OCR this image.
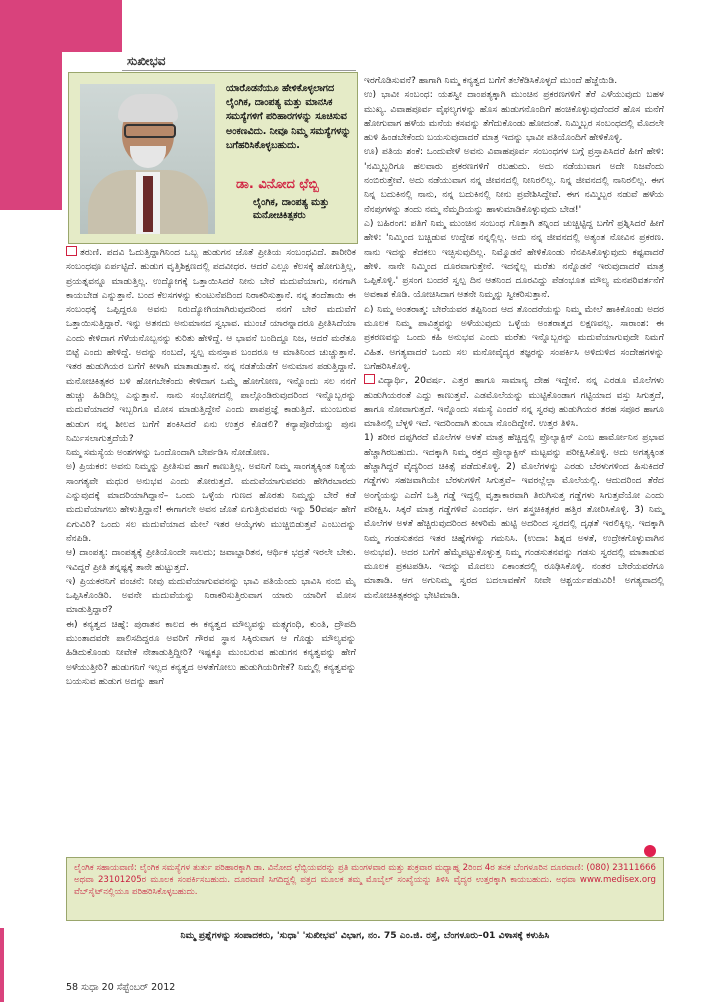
ಸುಖೀಭವ
ಯಾರೊಡನೆಯೂ ಹೇಳಿಕೊಳ್ಳಲಾಗದ ಲೈಂಗಿಕ, ದಾಂಪತ್ಯ ಮತ್ತು ಮಾನಸಿಕ ಸಮಸ್ಯೆಗಳಿಗೆ ಪರಿಹಾರಗಳನ್ನು ಸೂಚಿಸುವ ಅಂಕಣವಿದು. ನೀವೂ ನಿಮ್ಮ ಸಮಸ್ಯೆಗಳನ್ನು ಬಗೆಹರಿಸಿಕೊಳ್ಳಬಹುದು.
ಡಾ. ವಿನೋದ ಛೆಬ್ಬಿ
ಲೈಂಗಿಕ, ದಾಂಪತ್ಯ ಮತ್ತು ಮನೋಚಿಕಿತ್ಸಕರು

ತರುಣಿ. ಪದವಿ ಓದುತ್ತಿದ್ದಾಗಿನಿಂದ ಒಬ್ಬ ಹುಡುಗನ ಜೊತೆ ಪ್ರೀತಿಯ ಸಂಬಂಧವಿದೆ. ಶಾರೀರಿಕ ಸಂಬಂಧವೂ ಏರ್ಪಟ್ಟಿದೆ. ಹುಡುಗ ವೃತ್ತಿಶಿಕ್ಷಣದಲ್ಲಿ ಪದವೀಧರ. ಆದರೆ ಎಲ್ಲೂ ಕೆಲಸಕ್ಕೆ ಹೋಗುತ್ತಿಲ್ಲ, ಪ್ರಯತ್ನವನ್ನೂ ಮಾಡುತ್ತಿಲ್ಲ. ಉದ್ಯೋಗಕ್ಕೆ ಒತ್ತಾಯಿಸಿದರೆ ನೀನು ಬೇರೆ ಮದುವೆಯಾಗು, ನನಗಾಗಿ ಕಾಯಬೇಡ ಎನ್ನುತ್ತಾನೆ. ಬಂದ ಕೆಲಸಗಳನ್ನು ಕುಂಟುನೆಪದಿಂದ ನಿರಾಕರಿಸುತ್ತಾನೆ. ನನ್ನ ತಂದೆತಾಯಿ ಈ ಸಂಬಂಧಕ್ಕೆ ಒಪ್ಪಿದ್ದರೂ ಅವನು ನಿರುದ್ಯೋಗಿಯಾಗಿರುವುದರಿಂದ ನನಗೆ ಬೇರೆ ಮದುವೆಗೆ ಒತ್ತಾಯಿಸುತ್ತಿದ್ದಾರೆ. ಇನ್ನು ಅತನದು ಅನುಮಾನದ ಸ್ವಭಾವ. ಮುಂಚೆ ಯಾರನ್ನಾದರೂ ಪ್ರೀತಿಸಿದೆಯಾ ಎಂದು ಕೇಳಿದಾಗ ಗೆಳೆಯನೊಬ್ಬನನ್ನು ಕುರಿತು ಹೇಳಿದ್ದೆ. ಆ ಭಾವನೆ ಬಂದಿದ್ದೂ ನಿಜ, ಆದರೆ ಮರೆತೂ ಬಿಟ್ಟೆ ಎಂದು ಹೇಳಿದ್ದೆ. ಅದನ್ನು ನಂಬದೆ, ಸ್ವಲ್ಪ ಮನಸ್ತಾಪ ಬಂದರೂ ಆ ಮಾತಿನಿಂದ ಚುಚ್ಚುತ್ತಾನೆ. ಇತರ ಹುಡುಗಿಯರ ಬಗೆಗೆ ಕೀಳಾಗಿ ಮಾತಾಡುತ್ತಾನೆ. ನನ್ನ ನಡತೆಯೆಡೆಗೆ ಅನುಮಾನ ಪಡುತ್ತಿದ್ದಾನೆ. ಮನೋಚಿಕಿತ್ಸಕರ ಬಳಿ ಹೋಗಬೇಕೆಂದು ಕೇಳಿದಾಗ ಒಮ್ಮೆ ಹೋಗೋಣ, ಇನ್ನೊಂದು ಸಲ ನನಗೆ ಹುಚ್ಚು ಹಿಡಿದಿಲ್ಲ ಎನ್ನುತ್ತಾನೆ. ನಾನು ಸಂಭೋಗದಲ್ಲಿ ಪಾಲ್ಗೊಂಡಿರುವುದರಿಂದ ಇನ್ನೊಬ್ಬರನ್ನು ಮದುವೆಯಾದರೆ ಇಬ್ಬರಿಗೂ ಮೋಸ ಮಾಡುತ್ತಿದ್ದೇನೆ ಎಂದು ಪಾಪಪ್ರಜ್ಞೆ ಕಾಡುತ್ತಿದೆ. ಮುಂಬರುವ ಹುಡುಗ ನನ್ನ ಶೀಲದ ಬಗೆಗೆ ಶಂಕಿಸಿದರೆ ಏನು ಉತ್ತರ ಕೊಡಲಿ? ಕನ್ಯಾಪೊರೆಯನ್ನು ಪುನಃ ನಿರ್ಮಿಸಲಾಗುತ್ತದೆಯೆ?

ನಿಮ್ಮ ಸಮಸ್ಯೆಯ ಅಂಶಗಳನ್ನು ಒಂದೊಂದಾಗಿ ಬೇರ್ಪಡಿಸಿ ನೋಡೋಣ.

ಅ) ಪ್ರಿಯಕರ: ಅವನು ನಿಮ್ಮನ್ನು ಪ್ರೀತಿಸುವ ಹಾಗೆ ಕಾಣುತ್ತಿಲ್ಲ. ಅವನಿಗೆ ನಿಮ್ಮ ಸಾಂಗತ್ಯಕ್ಕಿಂತ ನಿತ್ಯೆಯ ಸಾಂಗತ್ಯವೇ ಮಧುರ ಅನುಭವ ಎಂದು ತೋರುತ್ತದೆ. ಮದುವೆಯಾಗುವವರು ಹೇಗಿರಬಾರದು ಎನ್ನುವುದಕ್ಕೆ ಮಾದರಿಯಾಗಿದ್ದಾನೆ– ಒಂದು ಒಳ್ಳೆಯ ಗುಣದ ಹೊರತು ನಿಮ್ಮನ್ನು ಬೇರೆ ಕಡೆ ಮದುವೆಯಾಗಲು ಹೇಳುತ್ತಿದ್ದಾನೆ! ಈಗಾಗಲೇ ಅವನ ಜೊತೆ ಏಗುತ್ತಿರುವವರು ಇನ್ನು 50ವರ್ಷ ಹೇಗೆ ಏಗುವಿರಿ? ಒಂದು ಸಲ ಮದುವೆಯಾದ ಮೇಲೆ ಇತರ ಆಯ್ಕೆಗಳು ಮುಚ್ಚಿಬಿಡುತ್ತವೆ ಎಂಬುದನ್ನು ನೆನಪಿಡಿ.

ಆ) ದಾಂಪತ್ಯ: ದಾಂಪತ್ಯಕ್ಕೆ ಪ್ರೀತಿಯೊಂದೇ ಸಾಲದು; ಜವಾಬ್ದಾರಿತನ, ಆರ್ಥಿಕ ಭದ್ರತೆ ಇರಲೇ ಬೇಕು. ಇವಿದ್ದರೆ ಪ್ರೀತಿ ತನ್ನಷ್ಟಕ್ಕೆ ತಾನೇ ಹುಟ್ಟುತ್ತದೆ.

ಇ) ಪ್ರಿಯಕರನಿಗೆ ವಂಚನೆ: ನೀವು ಮದುವೆಯಾಗುವವನನ್ನು ಭಾವಿ ಪತಿಯೆಂದು ಭಾವಿಸಿ ನಂಬಿ ಮೈ ಒಪ್ಪಿಸಿಕೊಂಡಿರಿ. ಅವನೇ ಮದುವೆಯನ್ನು ನಿರಾಕರಿಸುತ್ತಿರುವಾಗ ಯಾರು ಯಾರಿಗೆ ಮೋಸ ಮಾಡುತ್ತಿದ್ದಾರೆ?

ಈ) ಕನ್ಯತ್ವದ ಚಿಹ್ನೆ: ಪುರಾತನ ಕಾಲದ ಈ ಕನ್ಯತ್ವದ ಮೌಲ್ಯವನ್ನು ಮತ್ಸ್ಯಗಂಧಿ, ಕುಂತಿ, ದ್ರೌಪದಿ ಮುಂತಾದವರೇ ಪಾಲಿಸದಿದ್ದರೂ ಅವರಿಗೆ ಗೌರವ ಸ್ಥಾನ ಸಿಕ್ಕಿರುವಾಗ ಆ ಗೊಡ್ಡು ಮೌಲ್ಯವನ್ನು ಹಿಡಿದುಕೊಂಡು ನೀವೇಕೆ ನೇತಾಡುತ್ತಿದ್ದೀರಿ? ಇಷ್ಟಕ್ಕೂ ಮುಂಬರುವ ಹುಡುಗನ ಕನ್ಯತ್ವವನ್ನು ಹೇಗೆ ಅಳೆಯುತ್ತೀರಿ? ಹುಡುಗನಿಗೆ ಇಲ್ಲದ ಕನ್ಯತ್ವದ ಅಳತೆಗೋಲು ಹುಡುಗಿಯರಿಗೇಕೆ? ನಿಮ್ಮಲ್ಲಿ ಕನ್ಯತ್ವವನ್ನು ಬಯಸುವ ಹುಡುಗ ಅದನ್ನು ಹಾಗೆ

ಇರಗೊಡಿಸುವನೆ? ಹಾಗಾಗಿ ನಿಮ್ಮ ಕನ್ಯತ್ವದ ಬಗೆಗೆ ತಲೆಕೆಡಿಸಿಕೊಳ್ಳದೆ ಮುಂದೆ ಹೆಜ್ಜೆಯಿಡಿ.

ಉ) ಭಾವೀ ಸಂಬಂಧ: ಯಶಸ್ವೀ ದಾಂಪತ್ಯಕ್ಕಾಗಿ ಮುಂಚಿನ ಪ್ರಕರಣಗಳಿಗೆ ತೆರೆ ಎಳೆಯುವುದು ಬಹಳ ಮುಖ್ಯ. ವಿವಾಹಪೂರ್ವ ವೈಫಲ್ಯಗಳನ್ನು ಹೊಸ ಹುಡುಗನೊಂದಿಗೆ ಹಂಚಿಕೊಳ್ಳುವುದೆಂದರೆ ಹೊಸ ಮನೆಗೆ ಹೋಗುವಾಗ ಹಳೆಯ ಮನೆಯ ಕಸವನ್ನು ತೆಗೆದುಕೊಂಡು ಹೋದಂತೆ. ನಿಮ್ಮಿಬ್ಬರ ಸಂಬಂಧದಲ್ಲಿ ಮೊದಲೇ ಹುಳಿ ಹಿಂಡಬೇಕೆಂದು ಬಯಸುವುದಾದರೆ ಮಾತ್ರ ಇದನ್ನು ಭಾವೀ ಪತಿಯೊಂದಿಗೆ ಹೇಳಿಕೊಳ್ಳಿ.

ಊ) ಪತಿಯ ಶಂಕೆ: ಒಂದುವೇಳೆ ಅವನು ವಿವಾಹಪೂರ್ವ ಸಂಬಂಧಗಳ ಬಗ್ಗೆ ಪ್ರಸ್ತಾಪಿಸಿದರೆ ಹೀಗೆ ಹೇಳಿ: 'ನಮ್ಮಿಬ್ಬರಿಗೂ ಹಲವಾರು ಪ್ರಕರಣಗಳಿಗೆ ರಬಹುದು. ಅದು ನಡೆಯುವಾಗ ಅದೇ ನಿಜವೆಂದು ನಂಬಿರುತ್ತೇವೆ. ಅದು ನಡೆಯುವಾಗ ನನ್ನ ಜೀವನದಲ್ಲಿ ನೀನಿರಲಿಲ್ಲ. ನಿನ್ನ ಜೀವನದಲ್ಲಿ ನಾನಿರಲಿಲ್ಲ. ಈಗ ನಿನ್ನ ಬದುಕಿನಲ್ಲಿ ನಾನು, ನನ್ನ ಬದುಕಿನಲ್ಲಿ ನೀನು ಪ್ರವೇಶಿಸಿದ್ದೇವೆ. ಈಗ ನಮ್ಮಿಬ್ಬರ ನಡುವೆ ಹಳೆಯ ನೆನಪುಗಳನ್ನು ತಂದು ನಮ್ಮ ನೆಮ್ಮದಿಯನ್ನು ಹಾಳುಮಾಡಿಕೊಳ್ಳುವುದು ಬೇಡ!'

ಎ) ಬಹಿರಂಗ: ಪತಿಗೆ ನಿಮ್ಮ ಮುಂಚಿನ ಸಂಬಂಧ ಗೊತ್ತಾಗಿ ತನ್ನಿಂದ ಚುಚ್ಚಿಟ್ಟಿದ್ದ ಬಗೆಗೆ ಪ್ರಶ್ನಿಸಿದರೆ ಹೀಗೆ ಹೇಳಿ: 'ನಿಮ್ಮಿಂದ ಬಚ್ಚಿಡುವ ಉದ್ದೇಶ ನನ್ನಲ್ಲಿಲ್ಲ. ಅದು ನನ್ನ ಜೀವನದಲ್ಲಿ ಅತ್ಯಂತ ನೋವಿನ ಪ್ರಕರಣ. ನಾನು ಇದನ್ನು ಕೆದಕಲು ಇಚ್ಛಿಸುವುದಿಲ್ಲ. ನಿಮ್ಮೊಡನೆ ಹೇಳಿಕೊಂಡು ನೆನಪಿಸಿಕೊಳ್ಳುವುದು ಕಷ್ಟವಾದರೆ ಹೇಳಿ. ನಾನೇ ನಿಮ್ಮಿಂದ ದೂರವಾಗುತ್ತೇನೆ. ಇದನ್ನೆಲ್ಲ ಮರೆತು ನನ್ನೊಡನೆ ಇರುವುದಾದರೆ ಮಾತ್ರ ಒಪ್ಪಿಕೊಳ್ಳಿ.' ಪ್ರಸಂಗ ಬಂದರೆ ಸ್ವಲ್ಪ ದಿನ ಆತನಿಂದ ದೂರವಿದ್ದು ಪೆಡಂಭೂತ ಮೌಲ್ಯ ಮನಪರಿವರ್ತನೆಗೆ ಅವಕಾಶ ಕೊಡಿ. ಯೋಚಿಸಿದಾಗ ಆತನೇ ನಿಮ್ಮನ್ನು ಸ್ವೀಕರಿಸುತ್ತಾನೆ.

ಏ) ನಿಮ್ಮ ಅಂತರಾತ್ಮ: ಬೇರೆಯವರ ತಪ್ಪಿನಿಂದ ಆದ ತೊಂದರೆಯನ್ನು ನಿಮ್ಮ ಮೇಲೆ ಹಾಕಿಕೊಂಡು ಅದರ ಮೂಲಕ ನಿಮ್ಮ ಪಾವಿತ್ರ್ಯವನ್ನು ಅಳೆಯುವುದು ಒಳ್ಳೆಯ ಅಂತರಾತ್ಮದ ಲಕ್ಷಣವಲ್ಲ. ಸಾರಾಂಶ: ಈ ಪ್ರಕರಣವನ್ನು ಒಂದು ಕಹಿ ಅನುಭವ ಎಂದು ಮರೆತು ಇನ್ನೊಬ್ಬರನ್ನು ಮದುವೆಯಾಗುವುದೇ ನಿಮಗೆ ವಿಹಿತ. ಅಗತ್ಯವಾದರೆ ಒಂದು ಸಲ ಮನೋವೈದ್ಯರ ತಜ್ಞರನ್ನು ಸಂಪರ್ಕಿಸಿ ಅಳಿದುಳಿದ ಸಂದೇಹಗಳನ್ನು ಬಗೆಹರಿಸಿಕೊಳ್ಳಿ.

ವಿದ್ಯಾರ್ಥಿ, 20ವರ್ಷ. ಎತ್ತರ ಹಾಗೂ ಸಾಮಾನ್ಯ ದೇಹ ಇದ್ದೇನೆ. ನನ್ನ ಎರಡೂ ಮೊಲೆಗಳು ಹುಡುಗಿಯರಂತೆ ಎದ್ದು ಕಾಣುತ್ತವೆ. ಎಡಮೊಲೆಯನ್ನು ಮುಟ್ಟಿಕೊಂಡಾಗ ಗಟ್ಟಿಯಾದ ವಸ್ತು ಸಿಗುತ್ತದೆ, ಹಾಗೂ ನೋವಾಗುತ್ತದೆ. ಇನ್ನೊಂದು ಸಮಸ್ಯೆ ಎಂದರೆ ನನ್ನ ಸ್ವರವು ಹುಡುಗಿಯರ ತರಹ ಸಪೂರ ಹಾಗೂ ಮಾತಿನಲ್ಲಿ ಬೆಳ್ಳಳಿ ಇದೆ. ಇದರಿಂದಾಗಿ ತುಂಬಾ ನೊಂದಿದ್ದೇನೆ. ಉತ್ತರ ತಿಳಿಸಿ.

1) ಶರೀರ ದಪ್ಪಗಿರದೆ ಮೊಲೆಗಳ ಅಳತೆ ಮಾತ್ರ ಹೆಚ್ಚಿದ್ದಲ್ಲಿ ಪ್ರೊಲ್ಯಾಕ್ಟಿನ್ ಎಂಬ ಹಾರ್ಮೋನಿನ ಪ್ರಭಾವ ಹೆಚ್ಚಾಗಿರಬಹುದು. ಇದಕ್ಕಾಗಿ ನಿಮ್ಮ ರಕ್ತದ ಪ್ರೊಲ್ಯಾಕ್ಟಿನ್ ಮಟ್ಟವನ್ನು ಪರೀಕ್ಷಿಸಿಕೊಳ್ಳಿ. ಅದು ಅಗತ್ಯಕ್ಕಿಂತ ಹೆಚ್ಚಾಗಿದ್ದರೆ ವೈದ್ಯರಿಂದ ಚಿಕಿತ್ಸೆ ಪಡೆದುಕೊಳ್ಳಿ. 2) ಮೊಲೆಗಳನ್ನು ಎರಡು ಬೆರಳುಗಳಿಂದ ಹಿಸುಕಿದರೆ ಗಡ್ಡೆಗಳು ಸಹಜವಾಗಿಯೇ ಬೆರಳುಗಳಿಗೆ ಸಿಗುತ್ತವೆ– ಇವರಲ್ಲೆಲ್ಲಾ ಮೊಲೆಯಲ್ಲಿ. ಆದುದರಿಂದ ತೆರೆದ ಅಂಗೈಯನ್ನು ಎದೆಗೆ ಒತ್ತಿ ಗಡ್ಡೆ ಇದ್ದಲ್ಲಿ ವೃತ್ತಾಕಾರವಾಗಿ ತಿರುಗಿಸುತ್ತ ಗಡ್ಡೆಗಳು ಸಿಗುತ್ತವೆಯೋ ಎಂದು ಪರೀಕ್ಷಿಸಿ. ಸಿಕ್ಕರೆ ಮಾತ್ರ ಗಡ್ಡೆಗಳಿವೆ ಎಂದರ್ಥ. ಆಗ ಶಸ್ತ್ರಚಿಕಿತ್ಸಕರ ಹತ್ತಿರ ತೋರಿಸಿಕೊಳ್ಳಿ. 3) ನಿಮ್ಮ ಮೊಲೆಗಳ ಅಳತೆ ಹೆಚ್ಚಿರುವುದರಿಂದ ಕೀಳರಿಮೆ ಹುಟ್ಟಿ ಅದರಿಂದ ಸ್ವರದಲ್ಲಿ ದೃಢತೆ ಇರಲಿಕ್ಕಿಲ್ಲ. ಇದಕ್ಕಾಗಿ ನಿಮ್ಮ ಗಂಡಸುತನದ ಇತರ ಚಿಹ್ನೆಗಳನ್ನು ಗಮನಿಸಿ. (ಉದಾ: ಶಿಶ್ನದ ಅಳತೆ, ಉದ್ರೇಕಗೊಳ್ಳುವಾಗಿನ ಅನುಭವ). ಅದರ ಬಗೆಗೆ ಹೆಮ್ಮೆಪಟ್ಟುಕೊಳ್ಳುತ್ತ ನಿಮ್ಮ ಗಂಡಸುತನವನ್ನು ಗಡಸು ಸ್ವರದಲ್ಲಿ ಮಾತಾಡುವ ಮೂಲಕ ಪ್ರಕಟಪಡಿಸಿ. ಇದನ್ನು ಮೊದಲು ಏಕಾಂತದಲ್ಲಿ ರೂಢಿಸಿಕೊಳ್ಳಿ. ನಂತರ ಬೇರೆಯವರೆಗೂ ಮಾತಾಡಿ. ಆಗ ಅಗುನಿಮ್ಮ ಸ್ವರದ ಬದಲಾವಣೆಗೆ ನೀವೇ ಆಶ್ಚರ್ಯಪಡುವಿರಿ! ಅಗತ್ಯವಾದಲ್ಲಿ ಮನೋಚಿಕಿತ್ಸಕರನ್ನು ಭೇಟಿಮಾಡಿ.

ಲೈಂಗಿಕ ಸಹಾಯವಾಣಿ: ಲೈಂಗಿಕ ಸಮಸ್ಯೆಗಳ ತುರ್ತು ಪರಿಹಾರಕ್ಕಾಗಿ ಡಾ. ವಿನೋದ ಛೆಬ್ಬಿಯವರನ್ನು ಪ್ರತಿ ಮಂಗಳವಾರ ಮತ್ತು ಶುಕ್ರವಾರ ಮಧ್ಯಾಹ್ನ 2ರಿಂದ 4ರ ತನಕ ಬೆಂಗಳೂರಿನ ದೂರವಾಣಿ: (080) 23111666 ಅಥವಾ 23101205ರ ಮೂಲಕ ಸಂಪರ್ಕಿಸಬಹುದು. ದೂರವಾಣಿ ಸಿಗದಿದ್ದಲ್ಲಿ ಪತ್ರದ ಮೂಲಕ ತಮ್ಮ ಮೊಬೈಲ್ ಸಂಖ್ಯೆಯನ್ನು ತಿಳಿಸಿ ವೈದ್ಯರ ಉತ್ತರಕ್ಕಾಗಿ ಕಾಯಬಹುದು. ಅಥವಾ www.medisex.org ವೆಬ್‌ಸೈಟ್‌ನಲ್ಲಿಯೂ ಪರಿಹರಿಸಿಕೊಳ್ಳಬಹುದು.
ನಿಮ್ಮ ಪ್ರಶ್ನೆಗಳನ್ನು ಸಂಪಾದಕರು, 'ಸುಧಾ' 'ಸುಖೀಭವ' ವಿಭಾಗ, ನಂ. 75 ಎಂ.ಜಿ. ರಸ್ತೆ, ಬೆಂಗಳೂರು–01 ವಿಳಾಸಕ್ಕೆ ಕಳುಹಿಸಿ
58 ಸುಧಾ 20 ಸೆಪ್ಟೆಂಬರ್ 2012
